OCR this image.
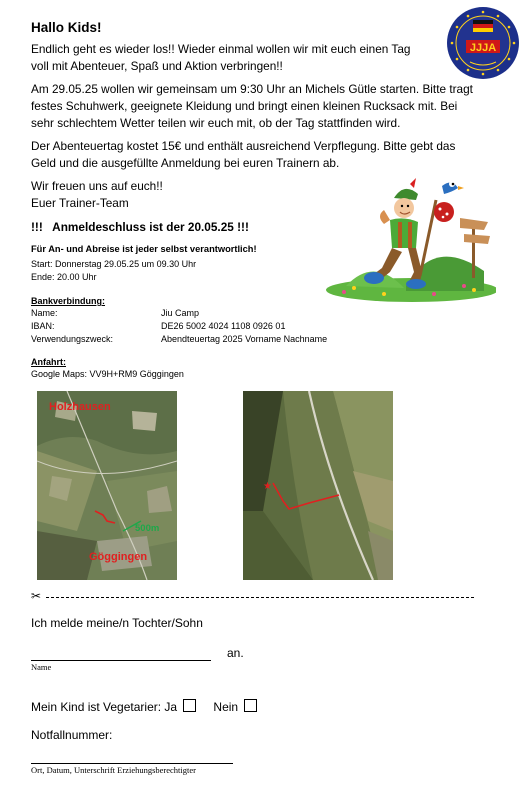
JJJA
Hallo Kids!
Endlich geht es wieder los!! Wieder einmal wollen wir mit euch einen Tag
voll mit Abenteuer, Spaß und Aktion verbringen!!
Am 29.05.25 wollen wir gemeinsam um 9:30 Uhr an Michels Gütle starten. Bitte tragt
festes Schuhwerk, geeignete Kleidung und bringt einen kleinen Rucksack mit. Bei
sehr schlechtem Wetter teilen wir euch mit, ob der Tag stattfinden wird.
Der Abenteuertag kostet 15€ und enthält ausreichend Verpflegung. Bitte gebt das
Geld und die ausgefüllte Anmeldung bei euren Trainern ab.
Wir freuen uns auf euch!!
Euer Trainer-Team
!!!   Anmeldeschluss ist der 20.05.25 !!!
Für An- und Abreise ist jeder selbst verantwortlich!
Start: Donnerstag 29.05.25 um 09.30 Uhr
Ende: 20.00 Uhr
Bankverbindung:
Name:	Jiu Camp
IBAN:	DE26 5002 4024 1108 0926 01
Verwendungszweck:	Abendteuertag 2025 Vorname Nachname
Anfahrt:
Google Maps: VV9H+RM9 Göggingen
Holzhausen
Göggingen
500m
★
✂
Ich melde meine/n Tochter/Sohn
an.
Name
Mein Kind ist Vegetarier: Ja	Nein
Notfallnummer:
Ort, Datum, Unterschrift Erziehungsberechtigter
